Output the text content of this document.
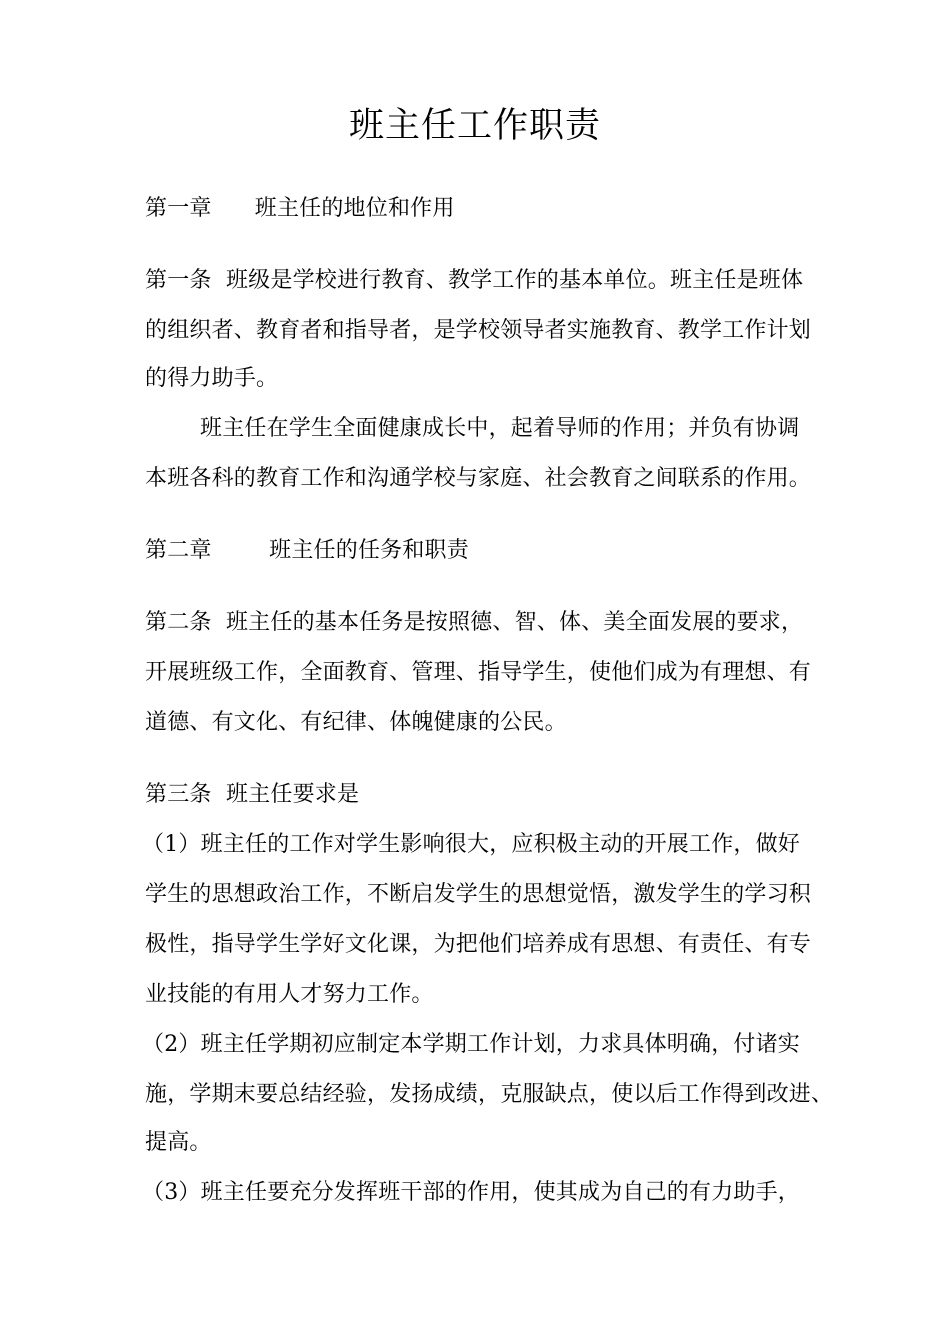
班主任工作职责
第一章      班主任的地位和作用
第一条  班级是学校进行教育、教学工作的基本单位。班主任是班体
的组织者、教育者和指导者，是学校领导者实施教育、教学工作计划
的得力助手。
班主任在学生全面健康成长中，起着导师的作用；并负有协调
本班各科的教育工作和沟通学校与家庭、社会教育之间联系的作用。
第二章        班主任的任务和职责
第二条  班主任的基本任务是按照德、智、体、美全面发展的要求，
开展班级工作，全面教育、管理、指导学生，使他们成为有理想、有
道德、有文化、有纪律、体魄健康的公民。
第三条  班主任要求是
（1）班主任的工作对学生影响很大，应积极主动的开展工作，做好
学生的思想政治工作，不断启发学生的思想觉悟，激发学生的学习积
极性，指导学生学好文化课，为把他们培养成有思想、有责任、有专
业技能的有用人才努力工作。
（2）班主任学期初应制定本学期工作计划，力求具体明确，付诸实
施，学期末要总结经验，发扬成绩，克服缺点，使以后工作得到改进、
提高。
（3）班主任要充分发挥班干部的作用，使其成为自己的有力助手，
